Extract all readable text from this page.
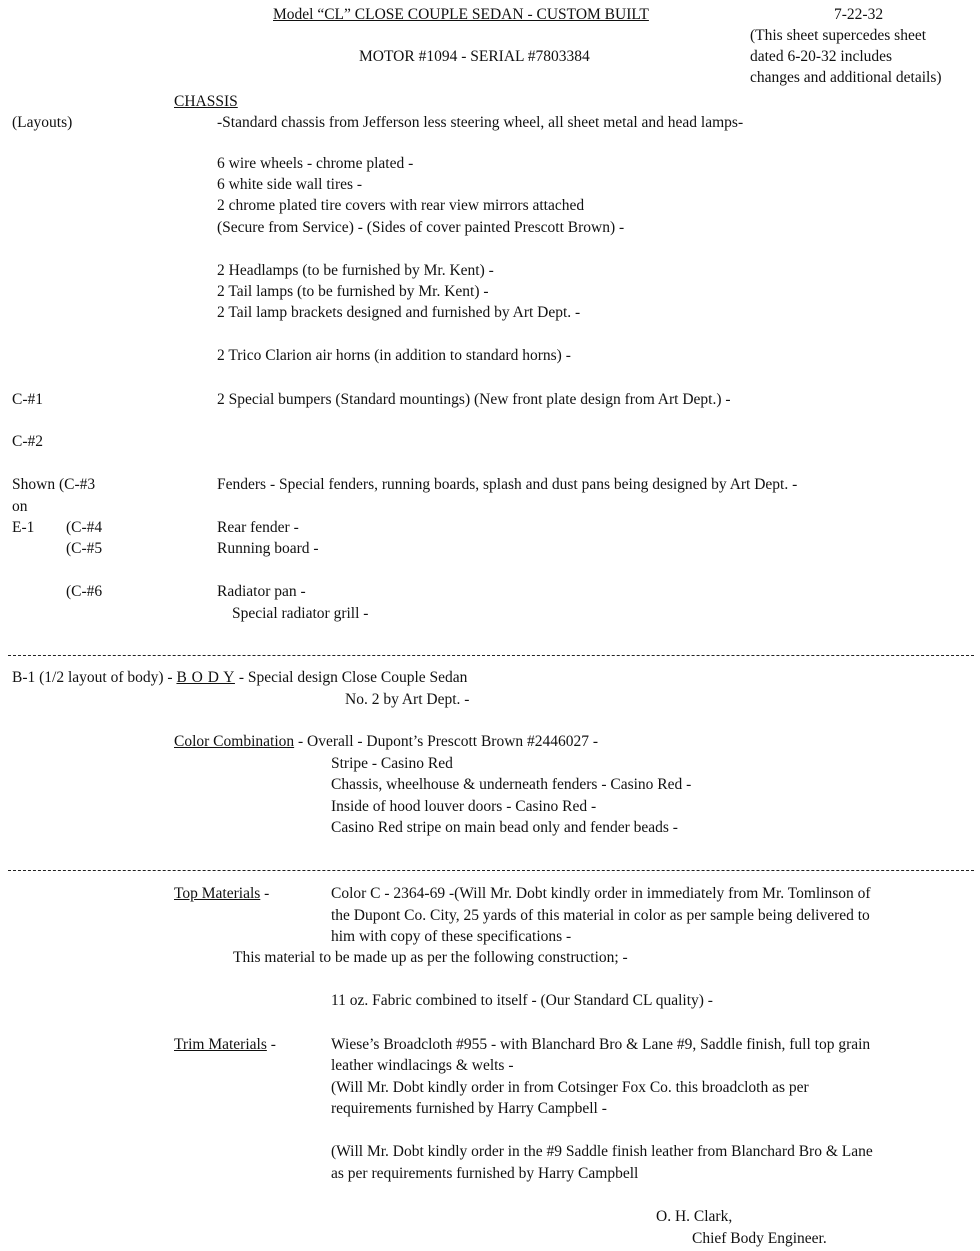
Model “CL” CLOSE COUPLE SEDAN - CUSTOM BUILT	7-22-32
(This sheet supercedes sheet
dated 6-20-32 includes
changes and additional details)
MOTOR #1094 - SERIAL #7803384
CHASSIS
(Layouts)	-Standard chassis from Jefferson less steering wheel, all sheet metal and head lamps-
6 wire wheels - chrome plated -
6 white side wall tires -
2 chrome plated tire covers with rear view mirrors attached
(Secure from Service) - (Sides of cover painted Prescott Brown) -
2 Headlamps (to be furnished by Mr. Kent) -
2 Tail lamps (to be furnished by Mr. Kent) -
2 Tail lamp brackets designed and furnished by Art Dept. -
2 Trico Clarion air horns (in addition to standard horns) -
C-#1	2 Special bumpers (Standard mountings) (New front plate design from Art Dept.) -
C-#2
Shown (C-#3	Fenders - Special fenders, running boards, splash and dust pans being designed by Art Dept. -
on
E-1 (C-#4	Rear fender -
(C-#5	Running board -
(C-#6	Radiator pan -
Special radiator grill -
B-1 (1/2 layout of body) - B O D Y - Special design Close Couple Sedan
No. 2 by Art Dept. -
Color Combination - Overall - Dupont’s Prescott Brown #2446027 -
Stripe - Casino Red
Chassis, wheelhouse & underneath fenders - Casino Red -
Inside of hood louver doors - Casino Red -
Casino Red stripe on main bead only and fender beads -
Top Materials -	Color C - 2364-69 -(Will Mr. Dobt kindly order in immediately from Mr. Tomlinson of
the Dupont Co. City, 25 yards of this material in color as per sample being delivered to
him with copy of these specifications -
This material to be made up as per the following construction; -
11 oz. Fabric combined to itself - (Our Standard CL quality) -
Trim Materials -	Wiese’s Broadcloth #955 - with Blanchard Bro & Lane #9, Saddle finish, full top grain
leather windlacings & welts -
(Will Mr. Dobt kindly order in from Cotsinger Fox Co. this broadcloth as per
requirements furnished by Harry Campbell -
(Will Mr. Dobt kindly order in the #9 Saddle finish leather from Blanchard Bro & Lane
as per requirements furnished by Harry Campbell
O. H. Clark,
Chief Body Engineer.
